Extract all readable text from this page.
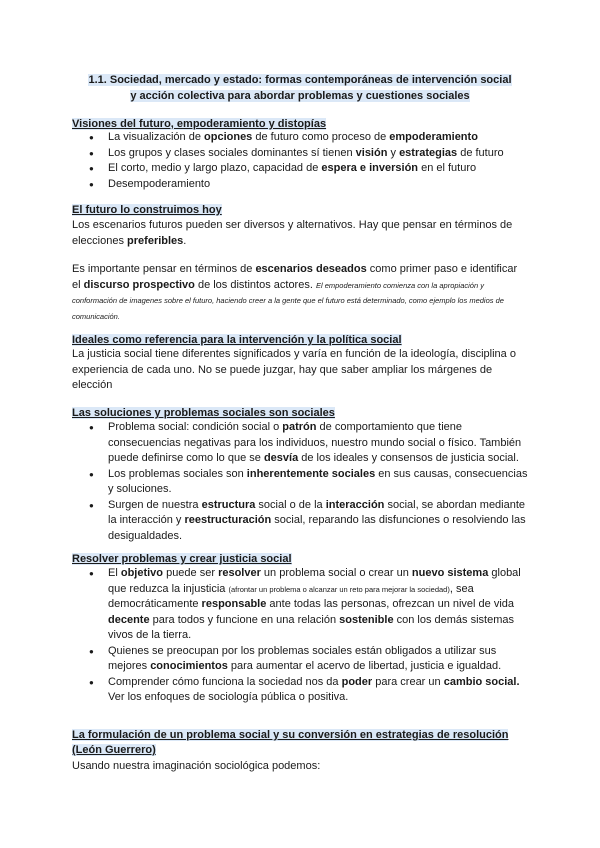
1.1. Sociedad, mercado y estado: formas contemporáneas de intervención social
y acción colectiva para abordar problemas y cuestiones sociales
Visiones del futuro, empoderamiento y distopías
● La visualización de opciones de futuro como proceso de empoderamiento
● Los grupos y clases sociales dominantes sí tienen visión y estrategias de futuro
● El corto, medio y largo plazo, capacidad de espera e inversión en el futuro
● Desempoderamiento
El futuro lo construimos hoy
Los escenarios futuros pueden ser diversos y alternativos. Hay que pensar en términos de elecciones preferibles.
Es importante pensar en términos de escenarios deseados como primer paso e identificar el discurso prospectivo de los distintos actores. El empoderamiento comienza con la apropiación y conformación de imagenes sobre el futuro, haciendo creer a la gente que el futuro está determinado, como ejemplo los medios de comunicación.
Ideales como referencia para la intervención y la política social
La justicia social tiene diferentes significados y varía en función de la ideología, disciplina o experiencia de cada uno. No se puede juzgar, hay que saber ampliar los márgenes de elección
Las soluciones y problemas sociales son sociales
● Problema social: condición social o patrón de comportamiento que tiene consecuencias negativas para los individuos, nuestro mundo social o físico. También puede definirse como lo que se desvía de los ideales y consensos de justicia social.
● Los problemas sociales son inherentemente sociales en sus causas, consecuencias y soluciones.
● Surgen de nuestra estructura social o de la interacción social, se abordan mediante la interacción y reestructuración social, reparando las disfunciones o resolviendo las desigualdades.
Resolver problemas y crear justicia social
● El objetivo puede ser resolver un problema social o crear un nuevo sistema global que reduzca la injusticia (afrontar un problema o alcanzar un reto para mejorar la sociedad), sea democráticamente responsable ante todas las personas, ofrezcan un nivel de vida decente para todos y funcione en una relación sostenible con los demás sistemas vivos de la tierra.
● Quienes se preocupan por los problemas sociales están obligados a utilizar sus mejores conocimientos para aumentar el acervo de libertad, justicia e igualdad.
● Comprender cómo funciona la sociedad nos da poder para crear un cambio social. Ver los enfoques de sociología pública o positiva.
La formulación de un problema social y su conversión en estrategias de resolución
(León Guerrero)
Usando nuestra imaginación sociológica podemos:
